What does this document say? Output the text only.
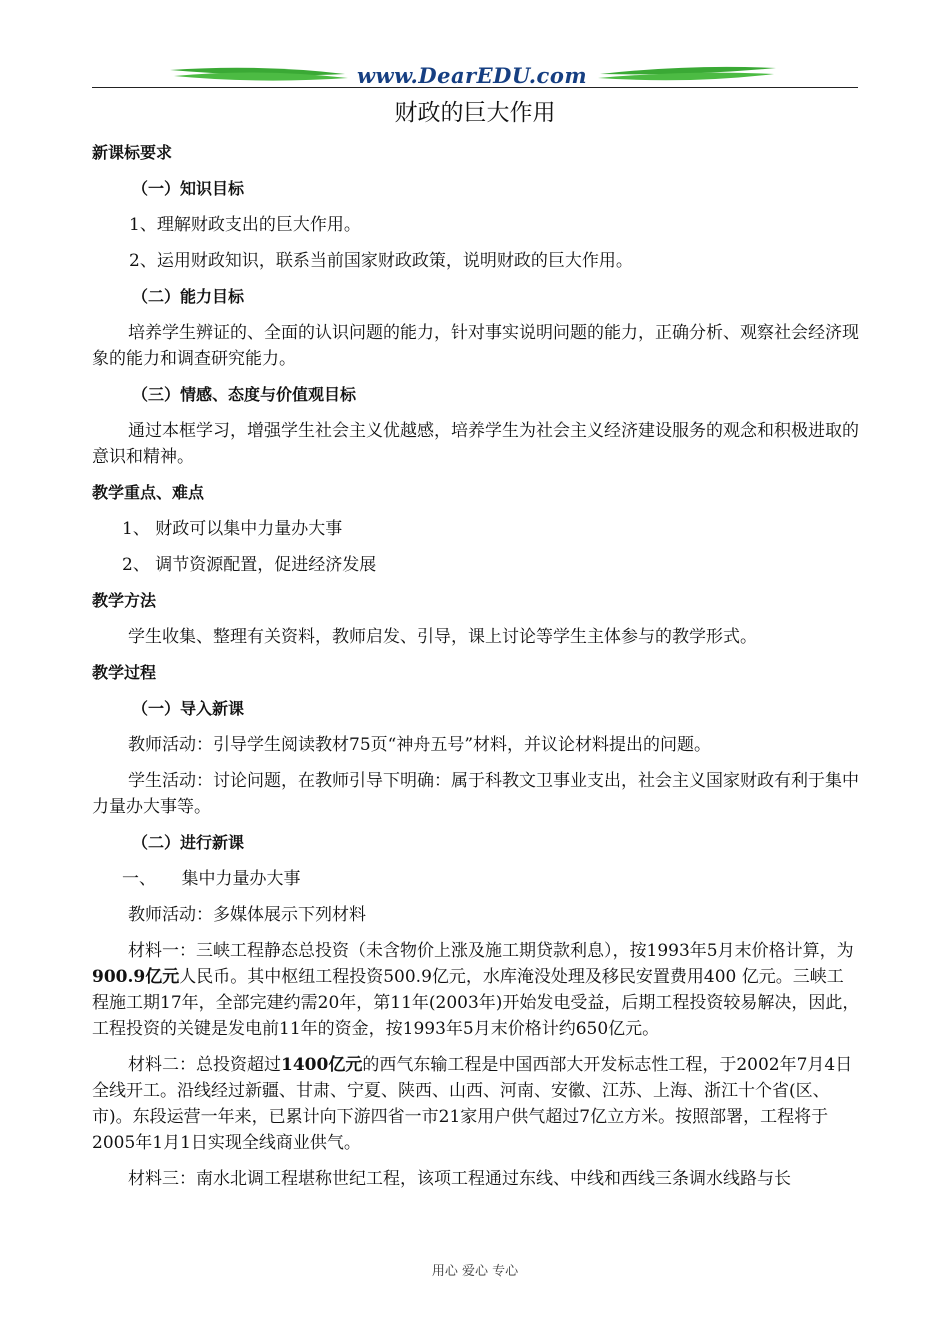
www.DearEDU.com
财政的巨大作用

新课标要求

（一）知识目标

1、理解财政支出的巨大作用。

2、运用财政知识，联系当前国家财政政策，说明财政的巨大作用。

（二）能力目标

培养学生辨证的、全面的认识问题的能力，针对事实说明问题的能力，正确分析、观察社会经济现象的能力和调查研究能力。

（三）情感、态度与价值观目标

通过本框学习，增强学生社会主义优越感，培养学生为社会主义经济建设服务的观念和积极进取的意识和精神。

教学重点、难点

1、 财政可以集中力量办大事

2、 调节资源配置，促进经济发展

教学方法

学生收集、整理有关资料，教师启发、引导，课上讨论等学生主体参与的教学形式。

教学过程

（一）导入新课

教师活动：引导学生阅读教材75页“神舟五号”材料，并议论材料提出的问题。

学生活动：讨论问题，在教师引导下明确：属于科教文卫事业支出，社会主义国家财政有利于集中力量办大事等。

（二）进行新课

一、　　集中力量办大事

教师活动：多媒体展示下列材料

材料一：三峡工程静态总投资（未含物价上涨及施工期贷款利息），按1993年5月末价格计算，为900.9亿元人民币。其中枢纽工程投资500.9亿元，水库淹没处理及移民安置费用400 亿元。三峡工程施工期17年，全部完建约需20年，第11年(2003年)开始发电受益，后期工程投资较易解决，因此，工程投资的关键是发电前11年的资金，按1993年5月末价格计约650亿元。

材料二：总投资超过1400亿元的西气东输工程是中国西部大开发标志性工程，于2002年7月4日全线开工。沿线经过新疆、甘肃、宁夏、陕西、山西、河南、安徽、江苏、上海、浙江十个省(区、市)。东段运营一年来，已累计向下游四省一市21家用户供气超过7亿立方米。按照部署，工程将于2005年1月1日实现全线商业供气。

材料三：南水北调工程堪称世纪工程，该项工程通过东线、中线和西线三条调水线路与长

用心 爱心 专心
